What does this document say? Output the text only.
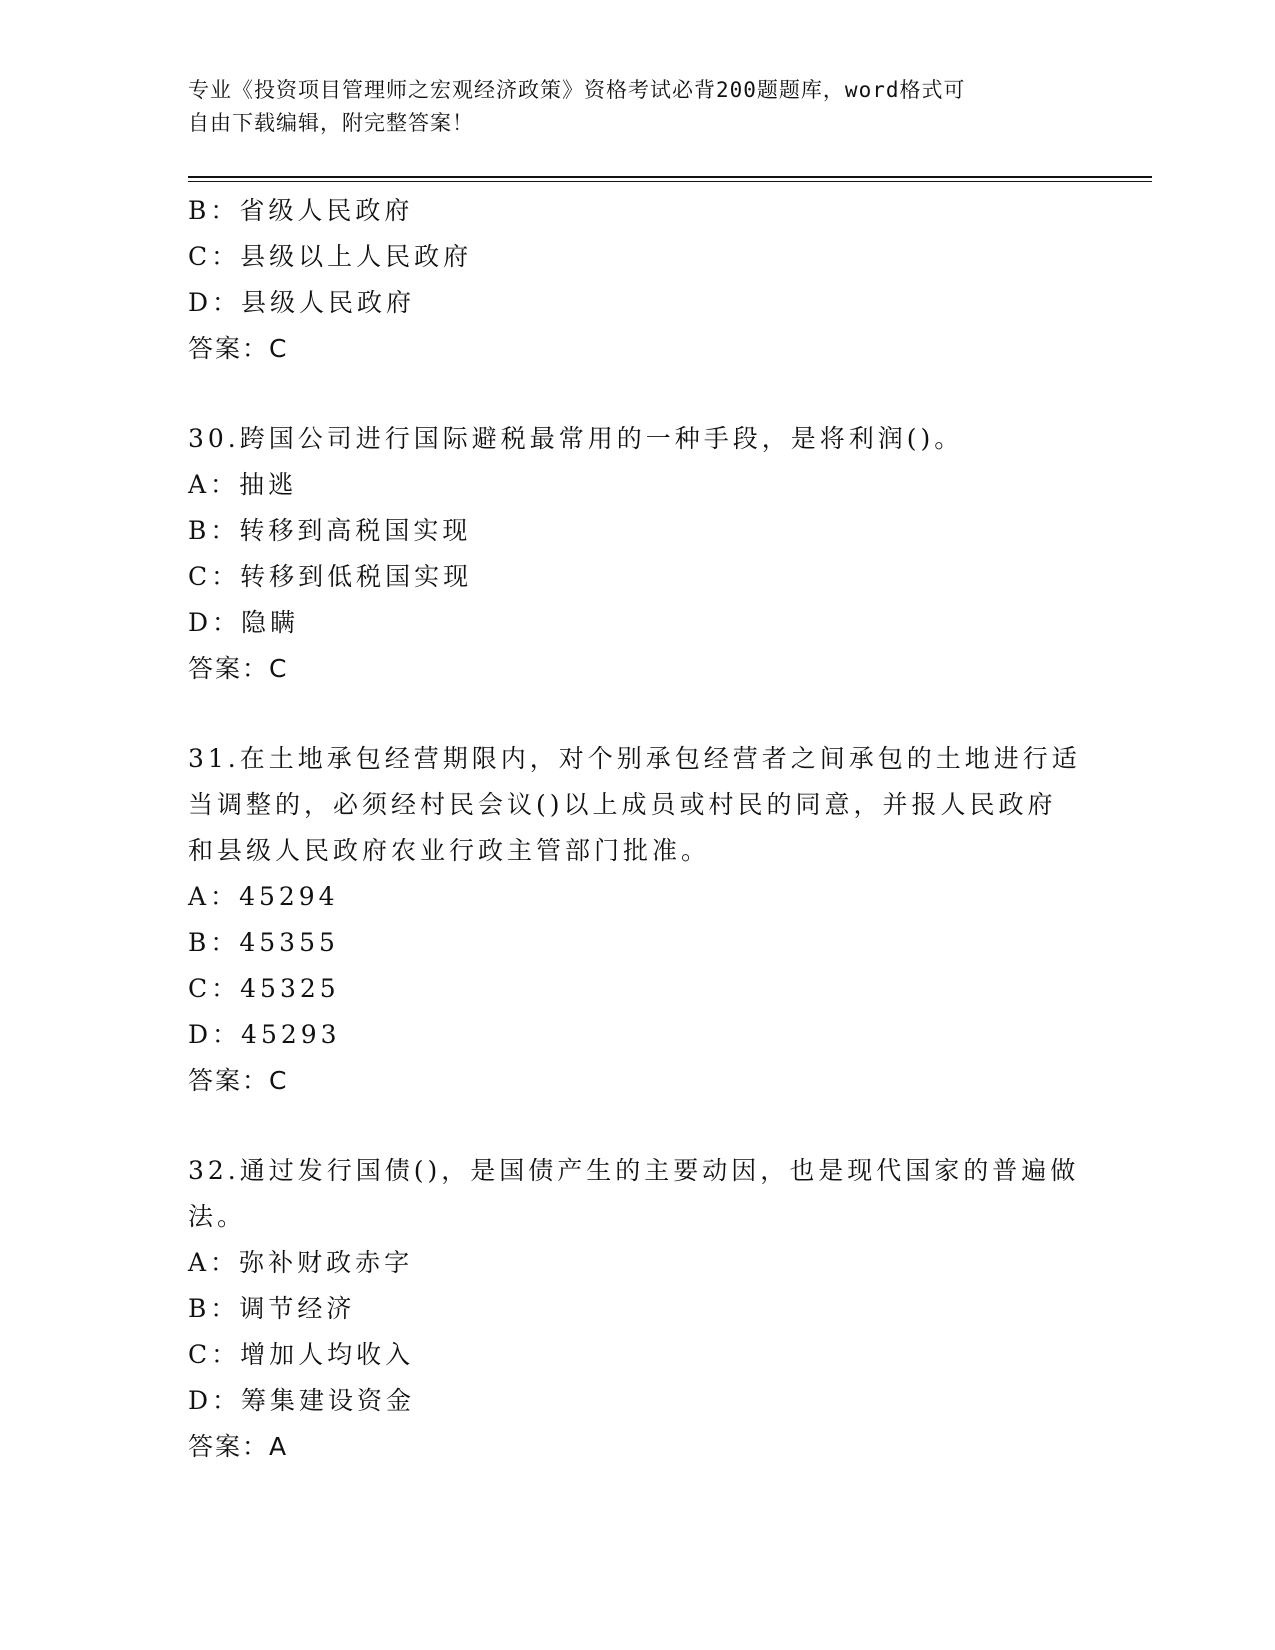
专业《投资项目管理师之宏观经济政策》资格考试必背200题题库，word格式可
自由下载编辑，附完整答案！
B：省级人民政府
C：县级以上人民政府
D：县级人民政府
答案：C
30.跨国公司进行国际避税最常用的一种手段，是将利润()。
A：抽逃
B：转移到高税国实现
C：转移到低税国实现
D：隐瞒
答案：C
31.在土地承包经营期限内，对个别承包经营者之间承包的土地进行适
当调整的，必须经村民会议()以上成员或村民的同意，并报人民政府
和县级人民政府农业行政主管部门批准。
A：45294
B：45355
C：45325
D：45293
答案：C
32.通过发行国债()，是国债产生的主要动因，也是现代国家的普遍做
法。
A：弥补财政赤字
B：调节经济
C：增加人均收入
D：筹集建设资金
答案：A
